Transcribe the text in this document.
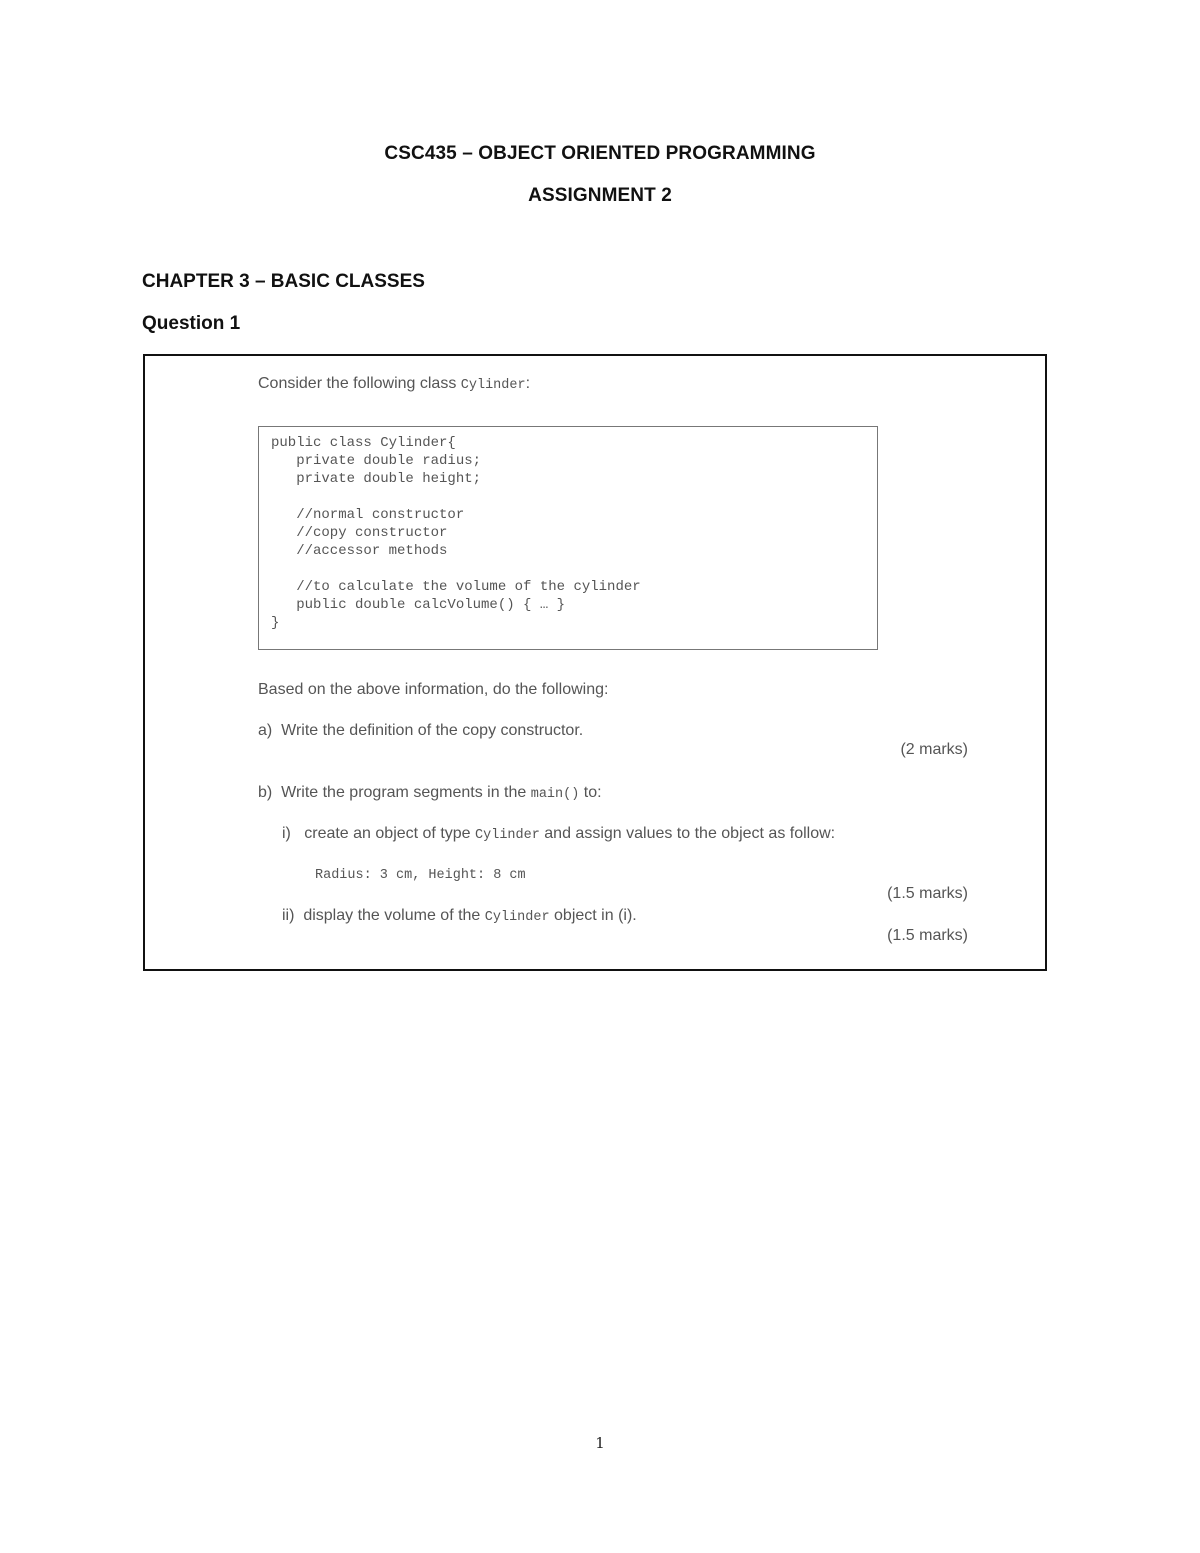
CSC435 – OBJECT ORIENTED PROGRAMMING
ASSIGNMENT 2
CHAPTER 3 – BASIC CLASSES
Question 1
Consider the following class Cylinder:
public class Cylinder{
private double radius;
private double height;
//normal constructor
//copy constructor
//accessor methods
//to calculate the volume of the cylinder
public double calcVolume() { … }
}
Based on the above information, do the following:
a) Write the definition of the copy constructor.
(2 marks)
b) Write the program segments in the main() to:
i) create an object of type Cylinder and assign values to the object as follow:
Radius: 3 cm, Height: 8 cm
(1.5 marks)
ii) display the volume of the Cylinder object in (i).
(1.5 marks)
1
